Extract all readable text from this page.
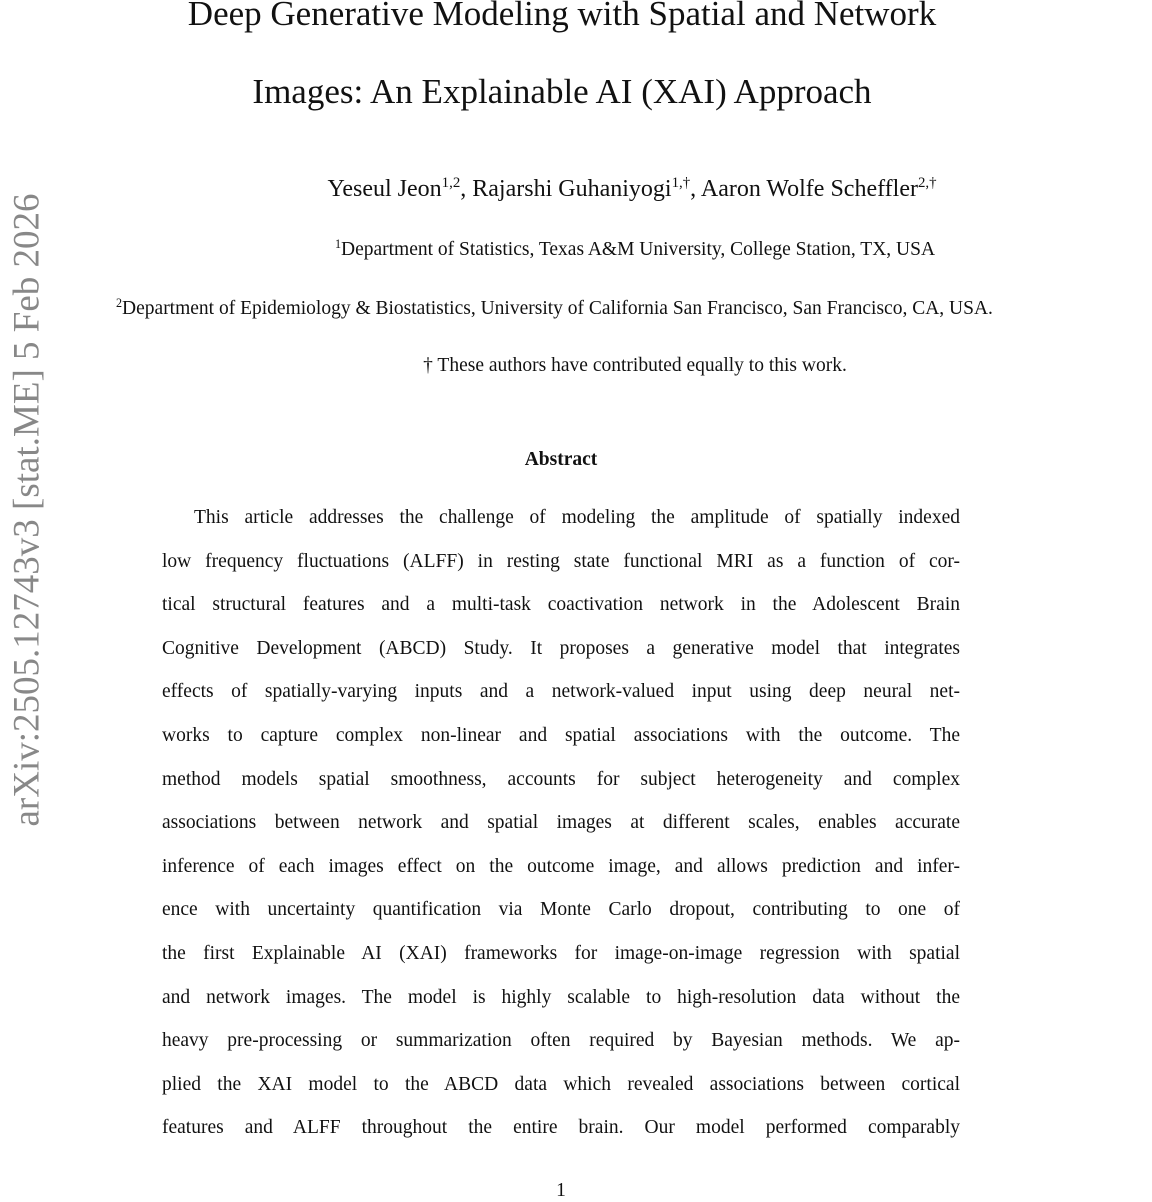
arXiv:2505.12743v3 [stat.ME] 5 Feb 2026
Deep Generative Modeling with Spatial and Network
Images: An Explainable AI (XAI) Approach
Yeseul Jeon$^{1,2}$, Rajarshi Guhaniyogi$^{1,\dagger}$, Aaron Wolfe Scheffler$^{2,\dagger}$
$^1$Department of Statistics, Texas A&M University, College Station, TX, USA
$^2$Department of Epidemiology & Biostatistics, University of California San Francisco, San Francisco, CA, USA.
† These authors have contributed equally to this work.
Abstract
This article addresses the challenge of modeling the amplitude of spatially indexed
low frequency fluctuations (ALFF) in resting state functional MRI as a function of cor-
tical structural features and a multi-task coactivation network in the Adolescent Brain
Cognitive Development (ABCD) Study. It proposes a generative model that integrates
effects of spatially-varying inputs and a network-valued input using deep neural net-
works to capture complex non-linear and spatial associations with the outcome. The
method models spatial smoothness, accounts for subject heterogeneity and complex
associations between network and spatial images at different scales, enables accurate
inference of each images effect on the outcome image, and allows prediction and infer-
ence with uncertainty quantification via Monte Carlo dropout, contributing to one of
the first Explainable AI (XAI) frameworks for image-on-image regression with spatial
and network images. The model is highly scalable to high-resolution data without the
heavy pre-processing or summarization often required by Bayesian methods. We ap-
plied the XAI model to the ABCD data which revealed associations between cortical
features and ALFF throughout the entire brain. Our model performed comparably
1
